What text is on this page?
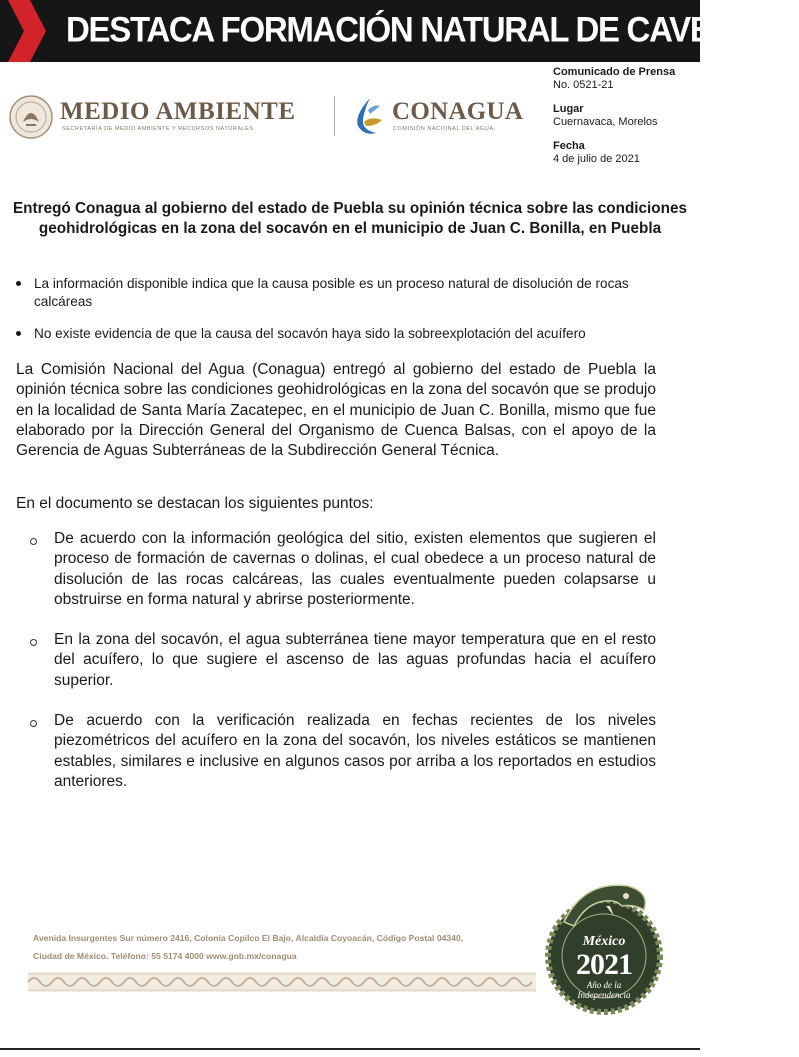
DESTACA FORMACIÓN NATURAL DE CAVERNAS
MEDIO AMBIENTE
SECRETARÍA DE MEDIO AMBIENTE Y RECURSOS NATURALES
CONAGUA
COMISIÓN NACIONAL DEL AGUA
Comunicado de Prensa
No. 0521-21
Lugar
Cuernavaca, Morelos
Fecha
4 de julio de 2021
Entregó Conagua al gobierno del estado de Puebla su opinión técnica sobre las condiciones geohidrológicas en la zona del socavón en el municipio de Juan C. Bonilla, en Puebla
La información disponible indica que la causa posible es un proceso natural de disolución de rocas calcáreas
No existe evidencia de que la causa del socavón haya sido la sobreexplotación del acuífero
La Comisión Nacional del Agua (Conagua) entregó al gobierno del estado de Puebla la opinión técnica sobre las condiciones geohidrológicas en la zona del socavón que se produjo en la localidad de Santa María Zacatepec, en el municipio de Juan C. Bonilla, mismo que fue elaborado por la Dirección General del Organismo de Cuenca Balsas, con el apoyo de la Gerencia de Aguas Subterráneas de la Subdirección General Técnica.
En el documento se destacan los siguientes puntos:
De acuerdo con la información geológica del sitio, existen elementos que sugieren el proceso de formación de cavernas o dolinas, el cual obedece a un proceso natural de disolución de las rocas calcáreas, las cuales eventualmente pueden colapsarse u obstruirse en forma natural y abrirse posteriormente.
En la zona del socavón, el agua subterránea tiene mayor temperatura que en el resto del acuífero, lo que sugiere el ascenso de las aguas profundas hacia el acuífero superior.
De acuerdo con la verificación realizada en fechas recientes de los niveles piezométricos del acuífero en la zona del socavón, los niveles estáticos se mantienen estables, similares e inclusive en algunos casos por arriba a los reportados en estudios anteriores.
Avenida Insurgentes Sur número 2416, Colonia Copilco El Bajo, Alcaldía Coyoacán, Código Postal 04340,
Ciudad de México. Teléfono: 55 5174 4000 www.gob.mx/conagua
México
2021
Año de la
Independencia
